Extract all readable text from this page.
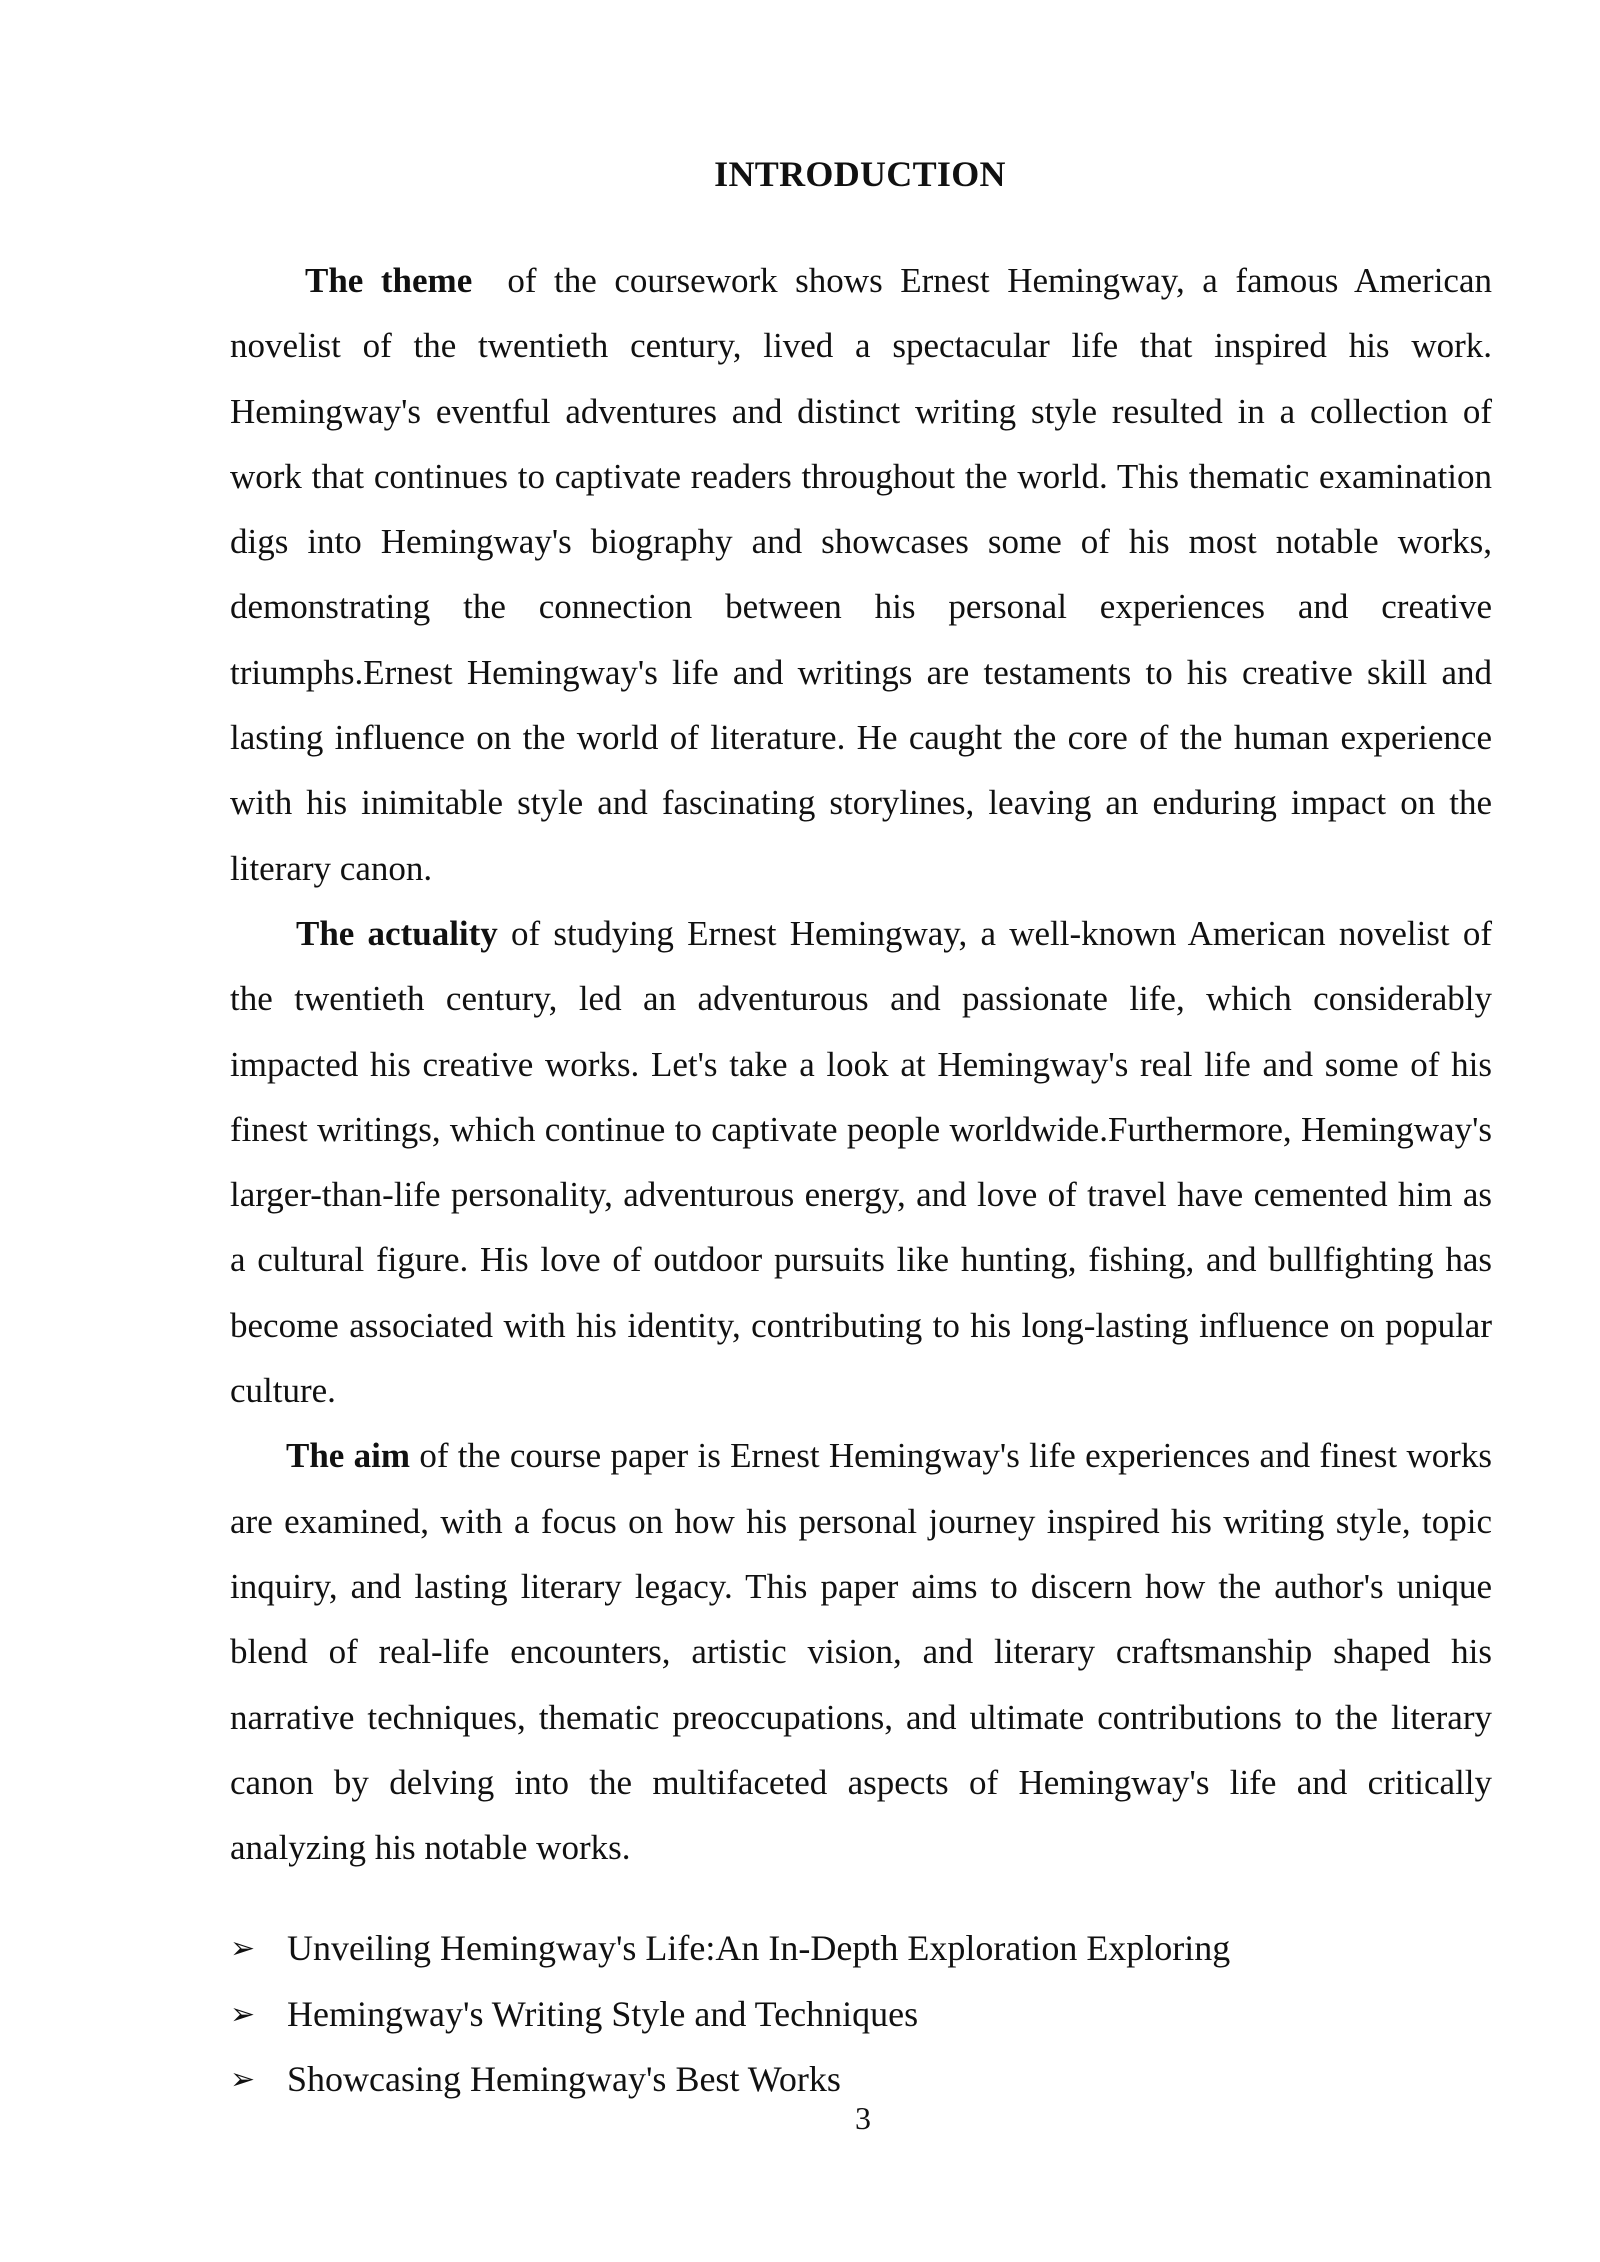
INTRODUCTION

The theme  of the coursework shows Ernest Hemingway, a famous American novelist of the twentieth century, lived a spectacular life that inspired his work. Hemingway's eventful adventures and distinct writing style resulted in a collection of work that continues to captivate readers throughout the world. This thematic examination digs into Hemingway's biography and showcases some of his most notable works, demonstrating the connection between his personal experiences and creative triumphs.Ernest Hemingway's life and writings are testaments to his creative skill and lasting influence on the world of literature. He caught the core of the human experience with his inimitable style and fascinating storylines, leaving an enduring impact on the literary canon.

The actuality of studying Ernest Hemingway, a well-known American novelist of the twentieth century, led an adventurous and passionate life, which considerably impacted his creative works. Let's take a look at Hemingway's real life and some of his finest writings, which continue to captivate people worldwide.Furthermore, Hemingway's larger-than-life personality, adventurous energy, and love of travel have cemented him as a cultural figure. His love of outdoor pursuits like hunting, fishing, and bullfighting has become associated with his identity, contributing to his long-lasting influence on popular culture.

The aim of the course paper is Ernest Hemingway's life experiences and finest works are examined, with a focus on how his personal journey inspired his writing style, topic inquiry, and lasting literary legacy. This paper aims to discern how the author's unique blend of real-life encounters, artistic vision, and literary craftsmanship shaped his narrative techniques, thematic preoccupations, and ultimate contributions to the literary canon by delving into the multifaceted aspects of Hemingway's life and critically analyzing his notable works.

➢ Unveiling Hemingway's Life:An In-Depth Exploration Exploring
➢ Hemingway's Writing Style and Techniques
➢ Showcasing Hemingway's Best Works
3
